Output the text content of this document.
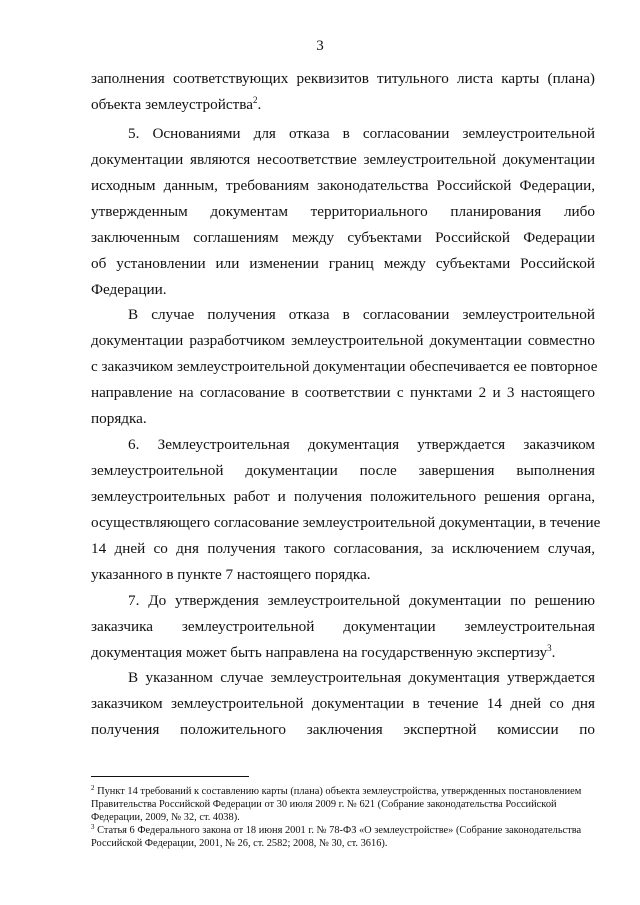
3
заполнения соответствующих реквизитов титульного листа карты (плана)
объекта землеустройства$^2$.
5. Основаниями для отказа в согласовании землеустроительной
документации являются несоответствие землеустроительной документации
исходным данным, требованиям законодательства Российской Федерации,
утвержденным документам территориального планирования либо
заключенным соглашениям между субъектами Российской Федерации
об установлении или изменении границ между субъектами Российской
Федерации.
В случае получения отказа в согласовании землеустроительной
документации разработчиком землеустроительной документации совместно
с заказчиком землеустроительной документации обеспечивается ее повторное
направление на согласование в соответствии с пунктами 2 и 3 настоящего
порядка.
6. Землеустроительная документация утверждается заказчиком
землеустроительной документации после завершения выполнения
землеустроительных работ и получения положительного решения органа,
осуществляющего согласование землеустроительной документации, в течение
14 дней со дня получения такого согласования, за исключением случая,
указанного в пункте 7 настоящего порядка.
7. До утверждения землеустроительной документации по решению
заказчика землеустроительной документации землеустроительная
документация может быть направлена на государственную экспертизу$^3$.
В указанном случае землеустроительная документация утверждается
заказчиком землеустроительной документации в течение 14 дней со дня
получения положительного заключения экспертной комиссии по
$^2$ Пункт 14 требований к составлению карты (плана) объекта землеустройства, утвержденных постановлением
Правительства Российской Федерации от 30 июля 2009 г. № 621 (Собрание законодательства Российской
Федерации, 2009, № 32, ст. 4038).
$^3$ Статья 6 Федерального закона от 18 июня 2001 г. № 78-ФЗ «О землеустройстве» (Собрание законодательства
Российской Федерации, 2001, № 26, ст. 2582; 2008, № 30, ст. 3616).
